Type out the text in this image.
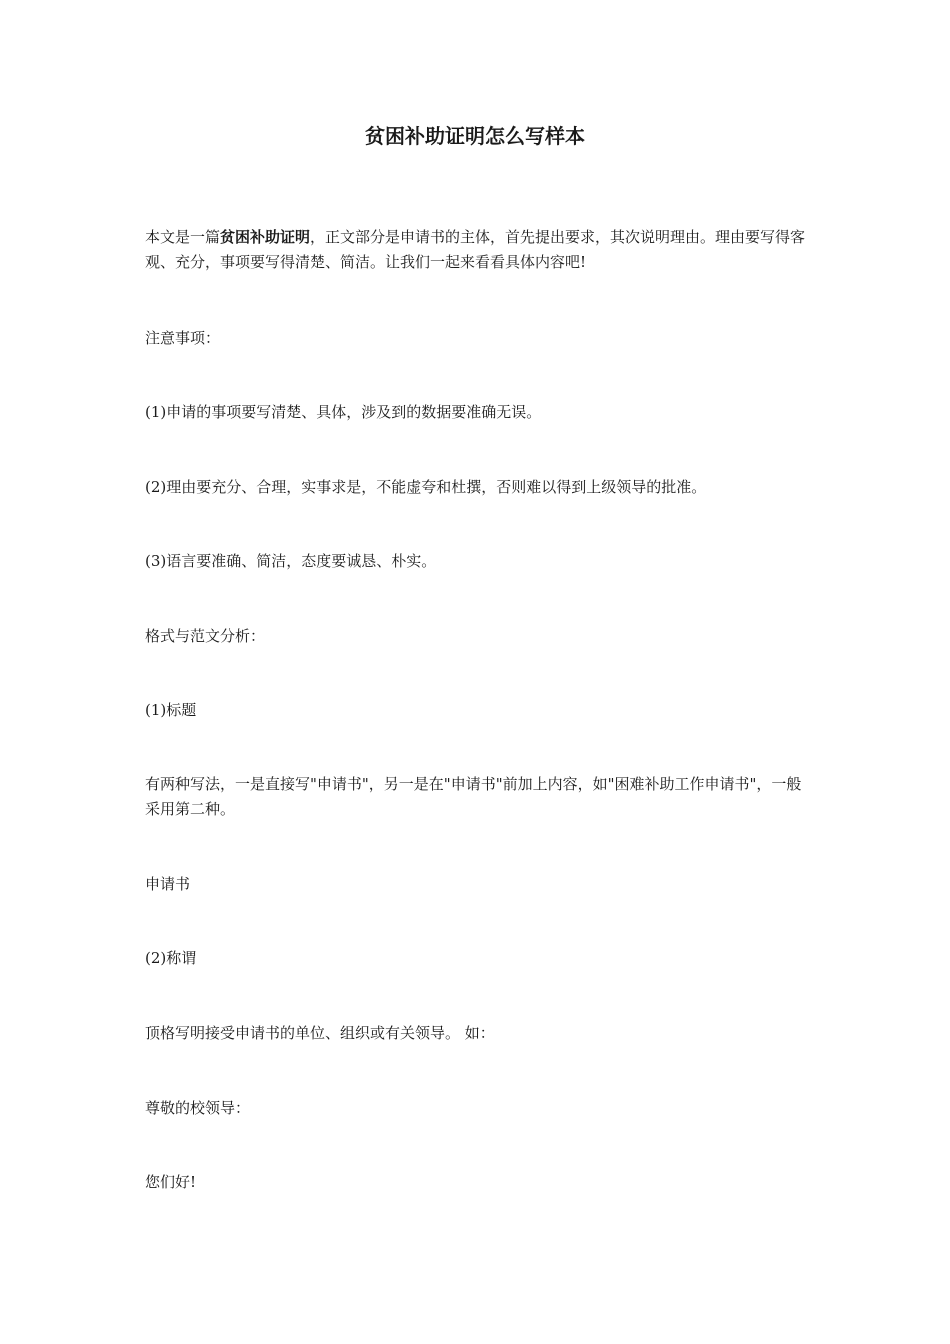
贫困补助证明怎么写样本

本文是一篇贫困补助证明，正文部分是申请书的主体，首先提出要求，其次说明理由。理由要写得客观、充分，事项要写得清楚、简洁。让我们一起来看看具体内容吧!

注意事项：

(1)申请的事项要写清楚、具体，涉及到的数据要准确无误。

(2)理由要充分、合理，实事求是，不能虚夸和杜撰，否则难以得到上级领导的批准。

(3)语言要准确、简洁，态度要诚恳、朴实。

格式与范文分析：

(1)标题

有两种写法，一是直接写"申请书"，另一是在"申请书"前加上内容，如"困难补助工作申请书"，一般采用第二种。

申请书

(2)称谓

顶格写明接受申请书的单位、组织或有关领导。 如：

尊敬的校领导：

您们好!
